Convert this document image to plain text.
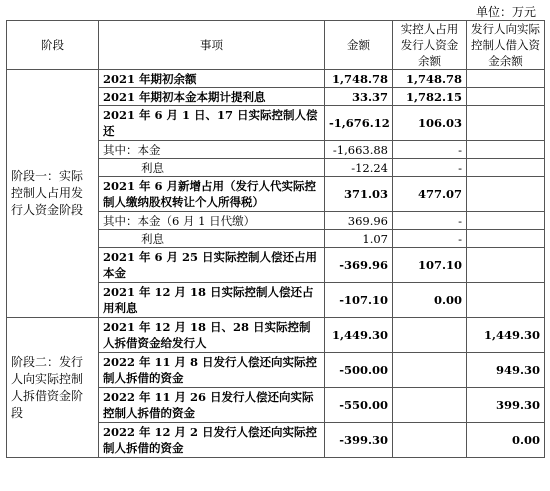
单位：万元
阶段	事项	金额	实控人占用发行人资金余额	发行人向实际控制人借入资金余额
阶段一：实际控制人占用发行人资金阶段	2021 年期初余额	1,748.78	1,748.78	
	2021 年期初本金本期计提利息	33.37	1,782.15	
	2021 年 6 月 1 日、17 日实际控制人偿还	-1,676.12	106.03	
	其中：本金	-1,663.88	-	
	利息	-12.24	-	
	2021 年 6 月新增占用（发行人代实际控制人缴纳股权转让个人所得税）	371.03	477.07	
	其中：本金（6 月 1 日代缴）	369.96	-	
	利息	1.07	-	
	2021 年 6 月 25 日实际控制人偿还占用本金	-369.96	107.10	
	2021 年 12 月 18 日实际控制人偿还占用利息	-107.10	0.00	
阶段二：发行人向实际控制人拆借资金阶段	2021 年 12 月 18 日、28 日实际控制人拆借资金给发行人	1,449.30		1,449.30
	2022 年 11 月 8 日发行人偿还向实际控制人拆借的资金	-500.00		949.30
	2022 年 11 月 26 日发行人偿还向实际控制人拆借的资金	-550.00		399.30
	2022 年 12 月 2 日发行人偿还向实际控制人拆借的资金	-399.30		0.00
